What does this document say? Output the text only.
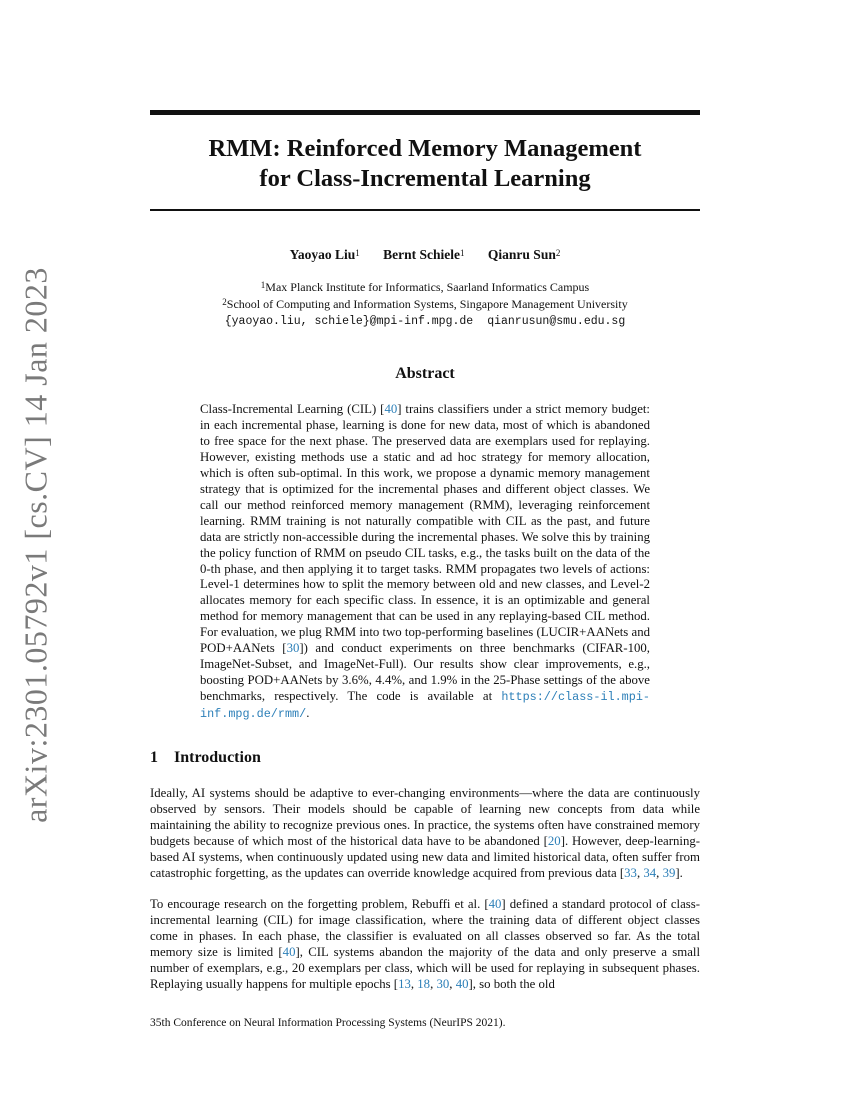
arXiv:2301.05792v1 [cs.CV] 14 Jan 2023
RMM: Reinforced Memory Management
for Class-Incremental Learning
Yaoyao Liu$^1$ Bernt Schiele$^1$ Qianru Sun$^2$
$^1$Max Planck Institute for Informatics, Saarland Informatics Campus
$^2$School of Computing and Information Systems, Singapore Management University
{yaoyao.liu, schiele}@mpi-inf.mpg.de qianrusun@smu.edu.sg
Abstract

Class-Incremental Learning (CIL) [40] trains classifiers under a strict memory budget: in each incremental phase, learning is done for new data, most of which is abandoned to free space for the next phase. The preserved data are exemplars used for replaying. However, existing methods use a static and ad hoc strategy for memory allocation, which is often sub-optimal. In this work, we propose a dynamic memory management strategy that is optimized for the incremental phases and different object classes. We call our method reinforced memory management (RMM), leveraging reinforcement learning. RMM training is not naturally compatible with CIL as the past, and future data are strictly non-accessible during the incremental phases. We solve this by training the policy function of RMM on pseudo CIL tasks, e.g., the tasks built on the data of the 0-th phase, and then applying it to target tasks. RMM propagates two levels of actions: Level-1 determines how to split the memory between old and new classes, and Level-2 allocates memory for each specific class. In essence, it is an optimizable and general method for memory management that can be used in any replaying-based CIL method. For evaluation, we plug RMM into two top-performing baselines (LUCIR+AANets and POD+AANets [30]) and conduct experiments on three benchmarks (CIFAR-100, ImageNet-Subset, and ImageNet-Full). Our results show clear improvements, e.g., boosting POD+AANets by 3.6%, 4.4%, and 1.9% in the 25-Phase settings of the above benchmarks, respectively. The code is available at https://class-il.mpi-inf.mpg.de/rmm/.

1 Introduction

Ideally, AI systems should be adaptive to ever-changing environments—where the data are continuously observed by sensors. Their models should be capable of learning new concepts from data while maintaining the ability to recognize previous ones. In practice, the systems often have constrained memory budgets because of which most of the historical data have to be abandoned [20]. However, deep-learning-based AI systems, when continuously updated using new data and limited historical data, often suffer from catastrophic forgetting, as the updates can override knowledge acquired from previous data [33, 34, 39].

To encourage research on the forgetting problem, Rebuffi et al. [40] defined a standard protocol of class-incremental learning (CIL) for image classification, where the training data of different object classes come in phases. In each phase, the classifier is evaluated on all classes observed so far. As the total memory size is limited [40], CIL systems abandon the majority of the data and only preserve a small number of exemplars, e.g., 20 exemplars per class, which will be used for replaying in subsequent phases. Replaying usually happens for multiple epochs [13, 18, 30, 40], so both the old

35th Conference on Neural Information Processing Systems (NeurIPS 2021).
